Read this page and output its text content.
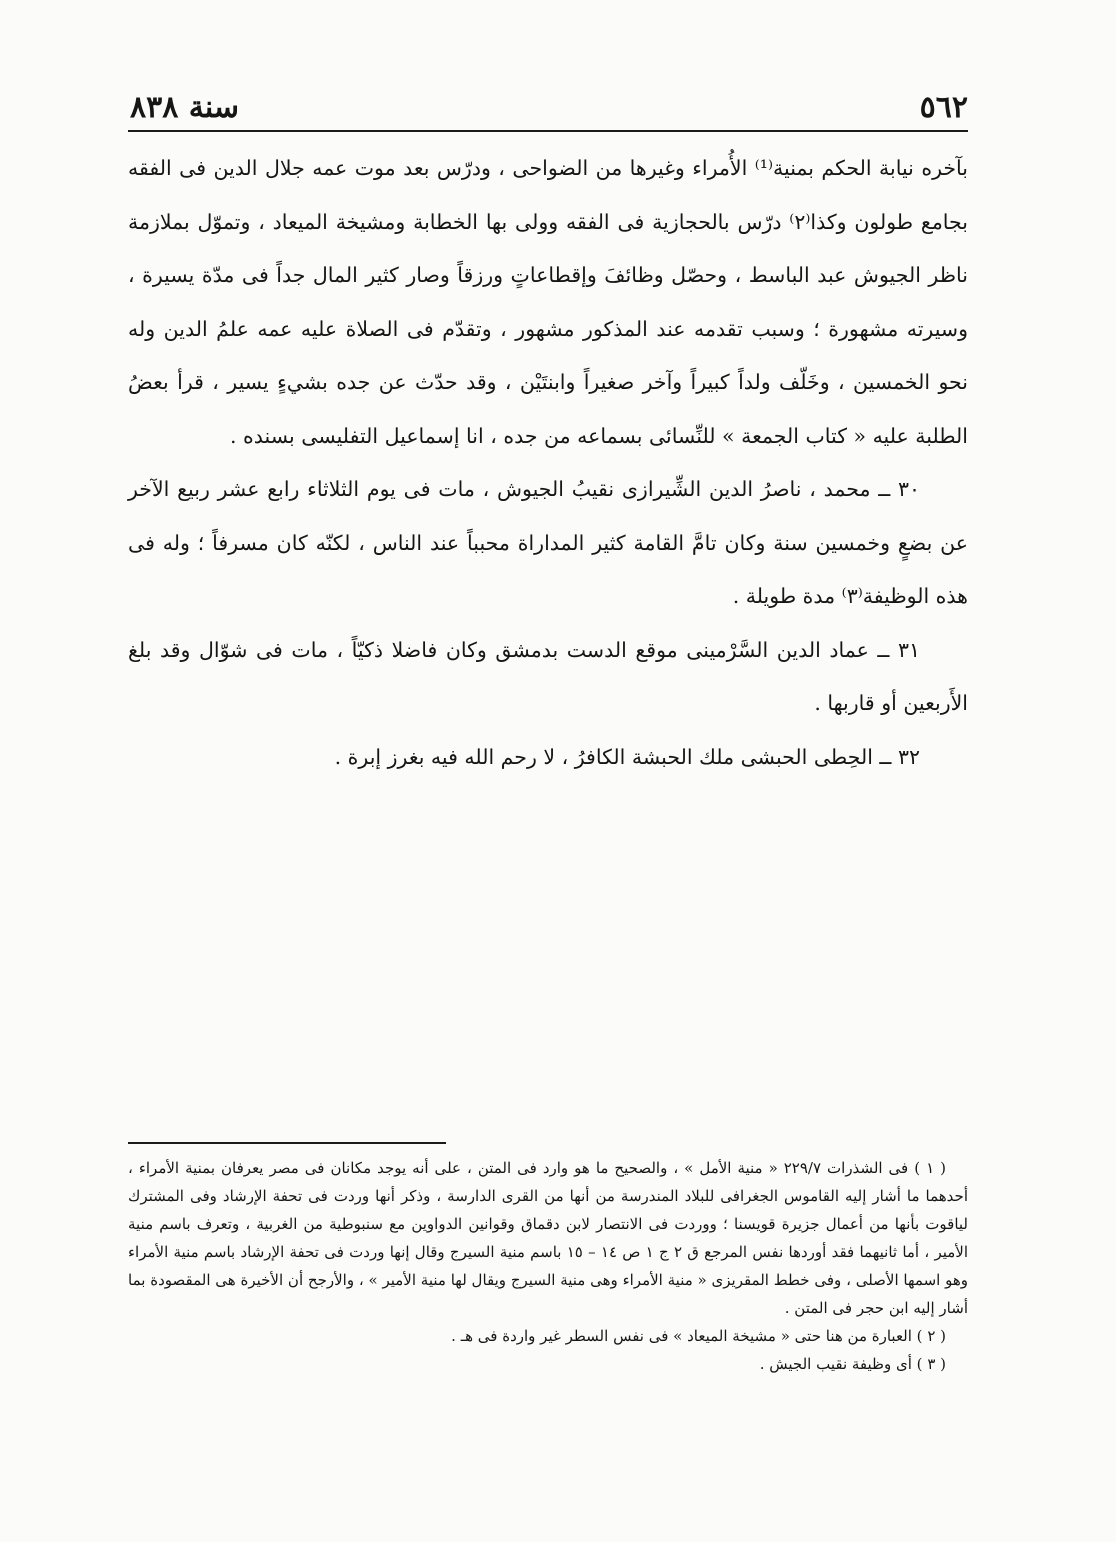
٥٦٢
سنة ٨٣٨

بآخره نيابة الحكم بمنية⁽¹⁾ الأُمراء وغيرها من الضواحى ، ودرّس بعد موت عمه جلال الدين فى الفقه بجامع طولون وكذا⁽٢⁾ درّس بالحجازية فى الفقه وولى بها الخطابة ومشيخة الميعاد ، وتموّل بملازمة ناظر الجيوش عبد الباسط ، وحصّل وظائفَ وإقطاعاتٍ ورزقاً وصار كثير المال جداً فى مدّة يسيرة ، وسيرته مشهورة ؛ وسبب تقدمه عند المذكور مشهور ، وتقدّم فى الصلاة عليه عمه علمُ الدين وله نحو الخمسين ، وخَلّف ولداً كبيراً وآخر صغيراً وابنتَيْن ، وقد حدّث عن جده بشيءٍ يسير ، قرأ بعضُ الطلبة عليه « كتاب الجمعة » للنِّسائى بسماعه من جده ، انا إسماعيل التفليسى بسنده .

٣٠ ــ محمد ، ناصرُ الدين الشِّيرازى نقيبُ الجيوش ، مات فى يوم الثلاثاء رابع عشر ربيع الآخر عن بضعٍ وخمسين سنة وكان تامَّ القامة كثير المداراة محبباً عند الناس ، لكنّه كان مسرفاً ؛ وله فى هذه الوظيفة⁽٣⁾ مدة طويلة .

٣١ ــ عماد الدين السَّرْمينى موقع الدست بدمشق وكان فاضلا ذكيّاً ، مات فى شوّال وقد بلغ الأَربعين أو قاربها .

٣٢ ــ الحِطى الحبشى ملك الحبشة الكافرُ ، لا رحم الله فيه بغرز إبرة .

( ١ ) فى الشذرات ٢٢٩/٧ « منية الأمل » ، والصحيح ما هو وارد فى المتن ، على أنه يوجد مكانان فى مصر يعرفان بمنية الأمراء ، أحدهما ما أشار إليه القاموس الجغرافى للبلاد المندرسة من أنها من القرى الدارسة ، وذكر أنها وردت فى تحفة الإرشاد وفى المشترك لياقوت بأنها من أعمال جزيرة قويسنا ؛ ووردت فى الانتصار لابن دقماق وقوانين الدواوين مع سنبوطية من الغربية ، وتعرف باسم منية الأمير ، أما ثانيهما فقد أوردها نفس المرجع ق ٢ ج ١ ص ١٤ – ١٥ باسم منية السيرج وقال إنها وردت فى تحفة الإرشاد باسم منية الأمراء وهو اسمها الأصلى ، وفى خطط المقريزى « منية الأمراء وهى منية السيرج ويقال لها منية الأمير » ، والأرجح أن الأخيرة هى المقصودة بما أشار إليه ابن حجر فى المتن .

( ٢ ) العبارة من هنا حتى « مشيخة الميعاد » فى نفس السطر غير واردة فى هـ .

( ٣ ) أى وظيفة نقيب الجيش .
